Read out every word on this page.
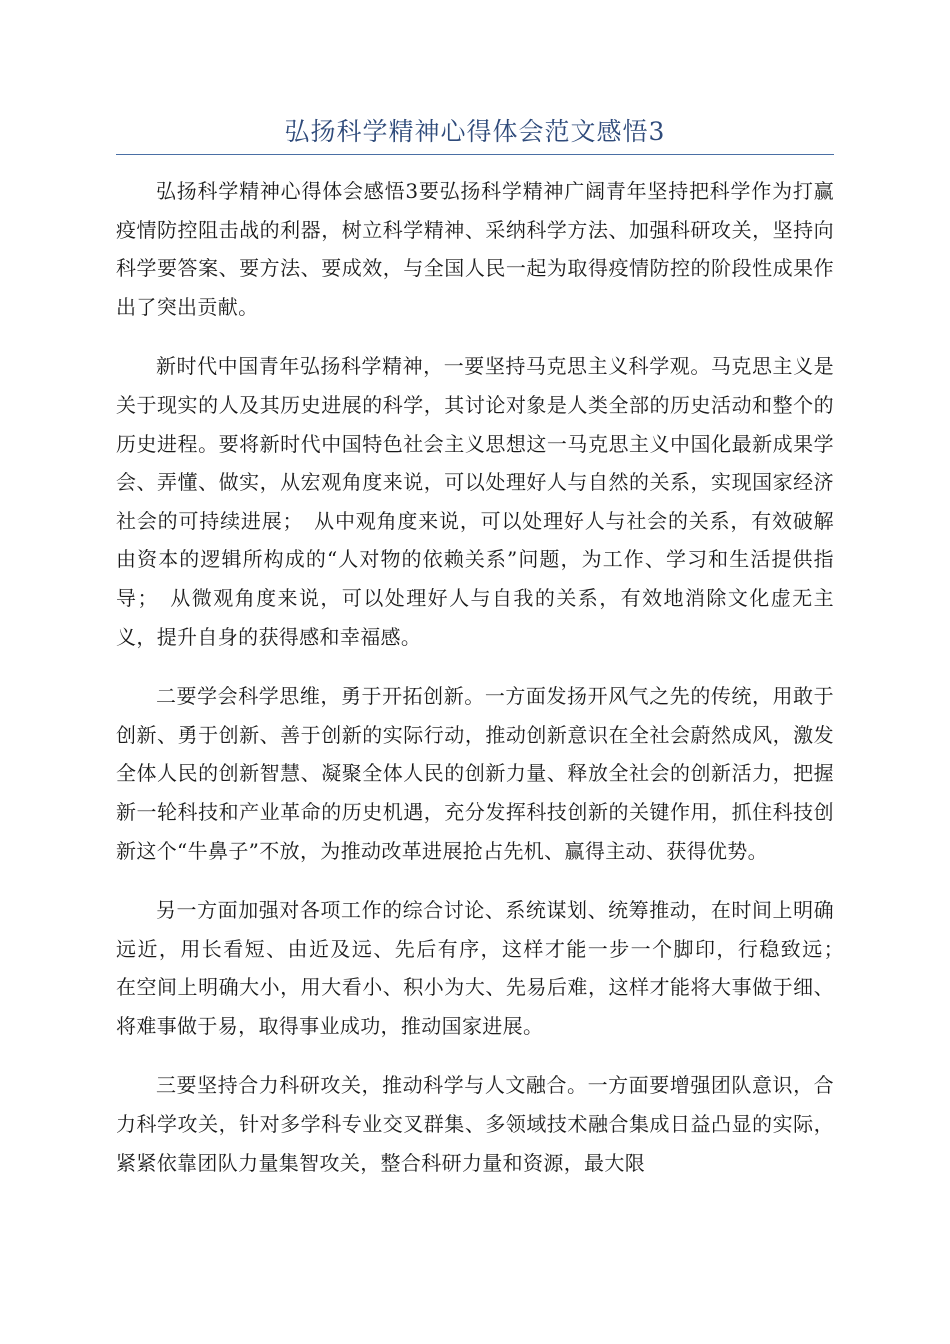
弘扬科学精神心得体会范文感悟3

弘扬科学精神心得体会感悟3要弘扬科学精神广阔青年坚持把科学作为打赢疫情防控阻击战的利器，树立科学精神、采纳科学方法、加强科研攻关，坚持向科学要答案、要方法、要成效，与全国人民一起为取得疫情防控的阶段性成果作出了突出贡献。

新时代中国青年弘扬科学精神，一要坚持马克思主义科学观。马克思主义是关于现实的人及其历史进展的科学，其讨论对象是人类全部的历史活动和整个的历史进程。要将新时代中国特色社会主义思想这一马克思主义中国化最新成果学会、弄懂、做实，从宏观角度来说，可以处理好人与自然的关系，实现国家经济社会的可持续进展；　从中观角度来说，可以处理好人与社会的关系，有效破解由资本的逻辑所构成的“人对物的依赖关系”问题，为工作、学习和生活提供指导；　从微观角度来说，可以处理好人与自我的关系，有效地消除文化虚无主义，提升自身的获得感和幸福感。

二要学会科学思维，勇于开拓创新。一方面发扬开风气之先的传统，用敢于创新、勇于创新、善于创新的实际行动，推动创新意识在全社会蔚然成风，激发全体人民的创新智慧、凝聚全体人民的创新力量、释放全社会的创新活力，把握新一轮科技和产业革命的历史机遇，充分发挥科技创新的关键作用，抓住科技创新这个“牛鼻子”不放，为推动改革进展抢占先机、赢得主动、获得优势。

另一方面加强对各项工作的综合讨论、系统谋划、统筹推动，在时间上明确远近，用长看短、由近及远、先后有序，这样才能一步一个脚印，行稳致远；　在空间上明确大小，用大看小、积小为大、先易后难，这样才能将大事做于细、将难事做于易，取得事业成功，推动国家进展。

三要坚持合力科研攻关，推动科学与人文融合。一方面要增强团队意识，合力科学攻关，针对多学科专业交叉群集、多领域技术融合集成日益凸显的实际，紧紧依靠团队力量集智攻关，整合科研力量和资源，最大限
